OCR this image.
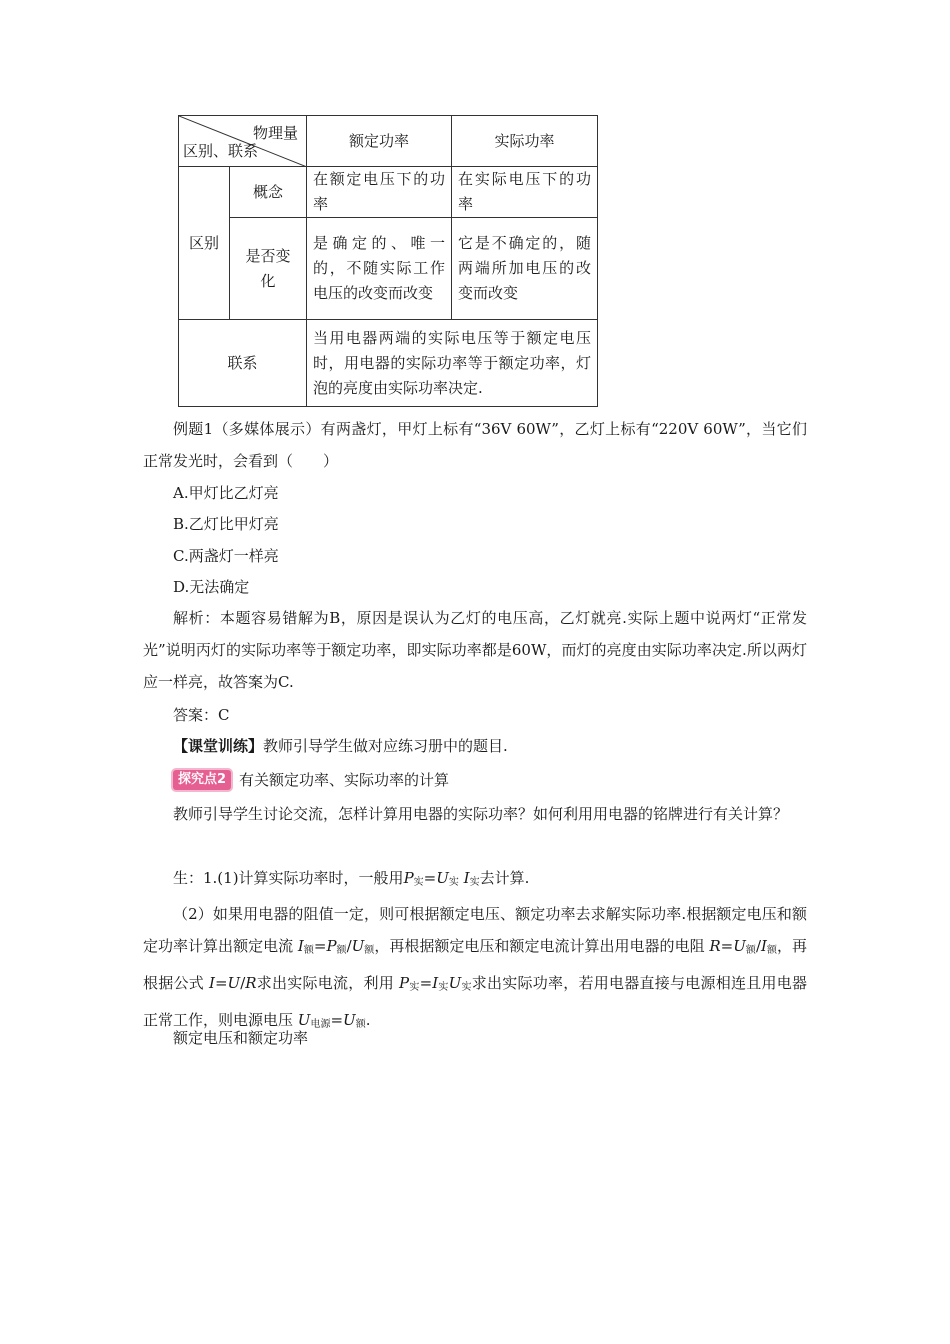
物理量
区别、联系		额定功率	实际功率
区别	概念	在额定电压下的功率	在实际电压下的功率
	是否变化	是确定的、唯一的，不随实际工作电压的改变而改变	它是不确定的，随两端所加电压的改变而改变
联系		当用电器两端的实际电压等于额定电压时，用电器的实际功率等于额定功率，灯泡的亮度由实际功率决定.	
例题1（多媒体展示）有两盏灯，甲灯上标有“36V 60W”，乙灯上标有“220V 60W”，当它们正常发光时，会看到（　　）
A.甲灯比乙灯亮
B.乙灯比甲灯亮
C.两盏灯一样亮
D.无法确定
解析：本题容易错解为B，原因是误认为乙灯的电压高，乙灯就亮.实际上题中说两灯“正常发光”说明丙灯的实际功率等于额定功率，即实际功率都是60W，而灯的亮度由实际功率决定.所以两灯应一样亮，故答案为C.
答案：C
【课堂训练】教师引导学生做对应练习册中的题目.
探究点2 有关额定功率、实际功率的计算
教师引导学生讨论交流，怎样计算用电器的实际功率？如何利用用电器的铭牌进行有关计算？
生：1.(1)计算实际功率时，一般用$P_实=U_实$ $I_实$去计算.
（2）如果用电器的阻值一定，则可根据额定电压、额定功率去求解实际功率.根据额定电压和额定功率计算出额定电流 $I_额=P_额/U_额$，再根据额定电压和额定电流计算出用电器的电阻 $R=U_额/I_额$，再根据公式 I=U/R求出实际电流，利用 $P_实=I_实U_实$求出实际功率，若用电器直接与电源相连且用电器正常工作，则电源电压 $U_{电源}=U_额$.
额定电压和额定功率
